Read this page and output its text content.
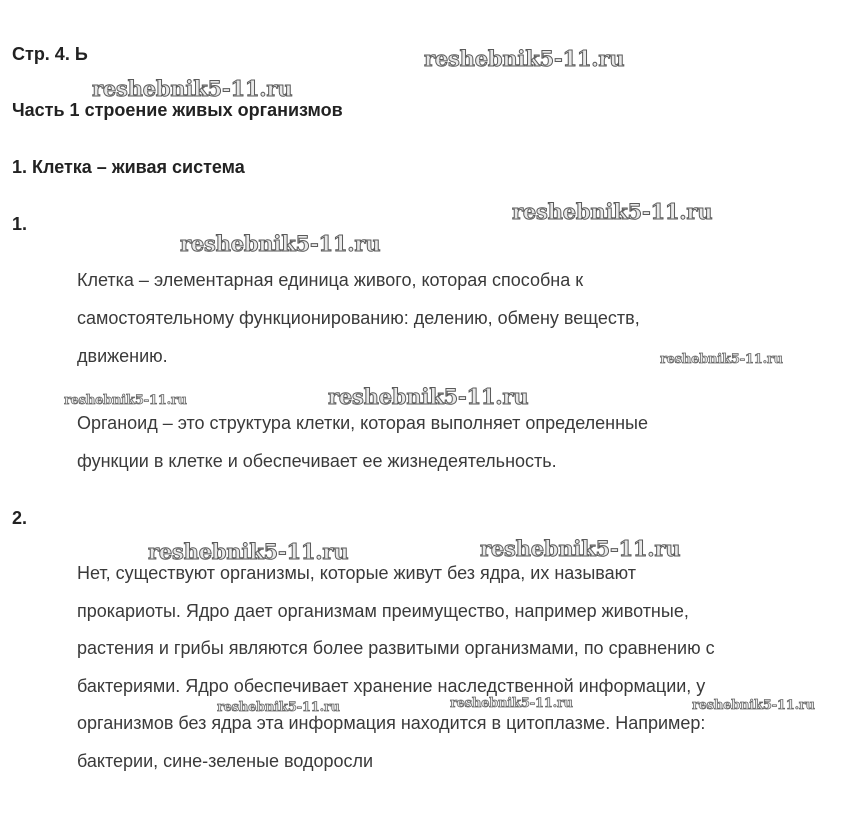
Стр. 4. Ь
Часть 1 строение живых организмов
1. Клетка – живая система
1.
Клетка – элементарная единица живого, которая способна к
самостоятельному функционированию: делению, обмену веществ,
движению.
Органоид – это структура клетки, которая выполняет определенные
функции в клетке и обеспечивает ее жизнедеятельность.
2.
Нет, существуют организмы, которые живут без ядра, их называют
прокариоты. Ядро дает организмам преимущество, например животные,
растения и грибы являются более развитыми организмами, по сравнению с
бактериями. Ядро обеспечивает хранение наследственной информации, у
организмов без ядра эта информация находится в цитоплазме. Например:
бактерии, сине-зеленые водоросли
reshebnik5-11.ru
reshebnik5-11.ru
reshebnik5-11.ru
reshebnik5-11.ru
reshebnik5-11.ru
reshebnik5-11.ru	reshebnik5-11.ru
reshebnik5-11.ru	reshebnik5-11.ru
reshebnik5-11.ru	reshebnik5-11.ru	reshebnik5-11.ru
